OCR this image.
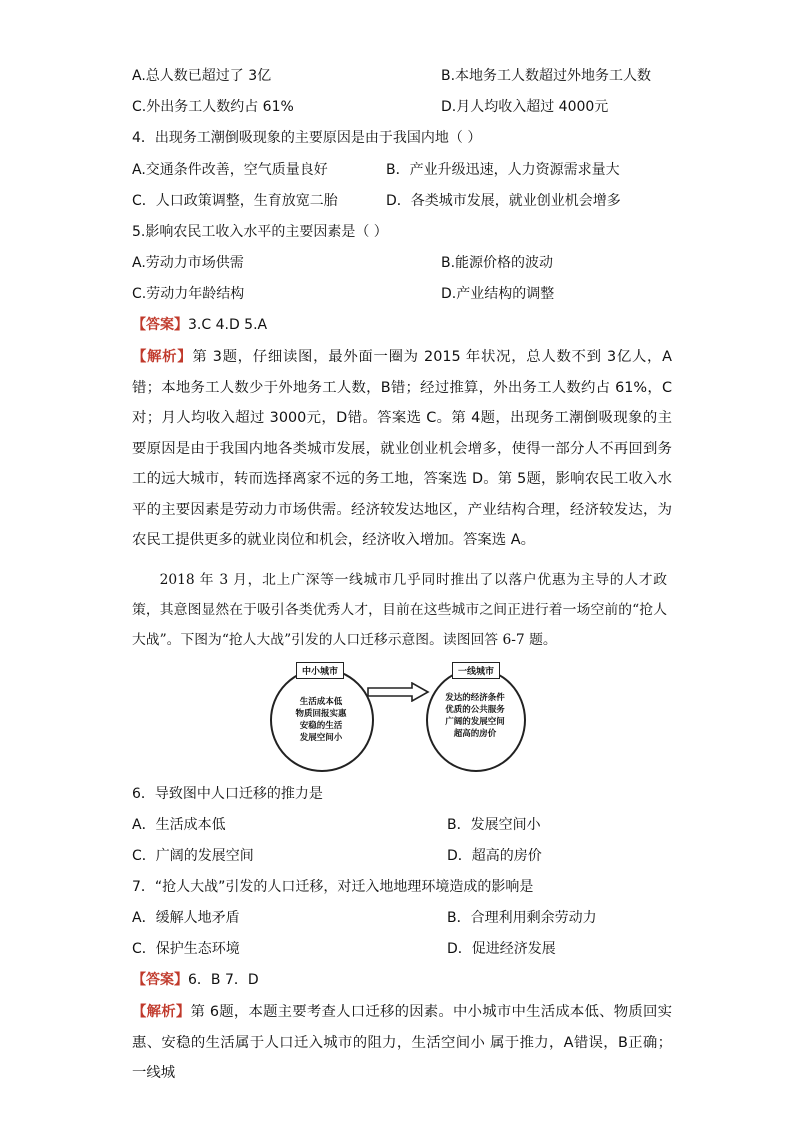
A.总人数已超过了 3亿	B.本地务工人数超过外地务工人数
C.外出务工人数约占 61%	D.月人均收入超过 4000元
4．出现务工潮倒吸现象的主要原因是由于我国内地（ ）
A.交通条件改善，空气质量良好	B．产业升级迅速，人力资源需求量大
C．人口政策调整，生育放宽二胎	D．各类城市发展，就业创业机会增多
5.影响农民工收入水平的主要因素是（ ）
A.劳动力市场供需	B.能源价格的波动
C.劳动力年龄结构	D.产业结构的调整
【答案】3.C 4.D 5.A
【解析】第 3题，仔细读图，最外面一圈为 2015 年状况，总人数不到 3亿人，A错；本地务工人数少于外地务工人数，B错；经过推算，外出务工人数约占 61%，C对；月人均收入超过 3000元，D错。答案选 C。第 4题，出现务工潮倒吸现象的主要原因是由于我国内地各类城市发展，就业创业机会增多，使得一部分人不再回到务工的远大城市，转而选择离家不远的务工地，答案选 D。第 5题，影响农民工收入水平的主要因素是劳动力市场供需。经济较发达地区，产业结构合理，经济较发达，为农民工提供更多的就业岗位和机会，经济收入增加。答案选 A。
2018 年 3 月，北上广深等一线城市几乎同时推出了以落户优惠为主导的人才政策，其意图显然在于吸引各类优秀人才，目前在这些城市之间正进行着一场空前的“抢人大战”。下图为“抢人大战”引发的人口迁移示意图。读图回答 6-7 题。
中小城市
生活成本低
物质回报实惠
安稳的生活
发展空间小
一线城市
发达的经济条件
优质的公共服务
广阔的发展空间
超高的房价
6．导致图中人口迁移的推力是
A．生活成本低	B．发展空间小
C．广阔的发展空间	D．超高的房价
7．“抢人大战”引发的人口迁移，对迁入地地理环境造成的影响是
A．缓解人地矛盾	B．合理利用剩余劳动力
C．保护生态环境	D．促进经济发展
【答案】6．B 7．D
【解析】第 6题，本题主要考查人口迁移的因素。中小城市中生活成本低、物质回实惠、安稳的生活属于人口迁入城市的阻力，生活空间小 属于推力，A错误，B正确；一线城
